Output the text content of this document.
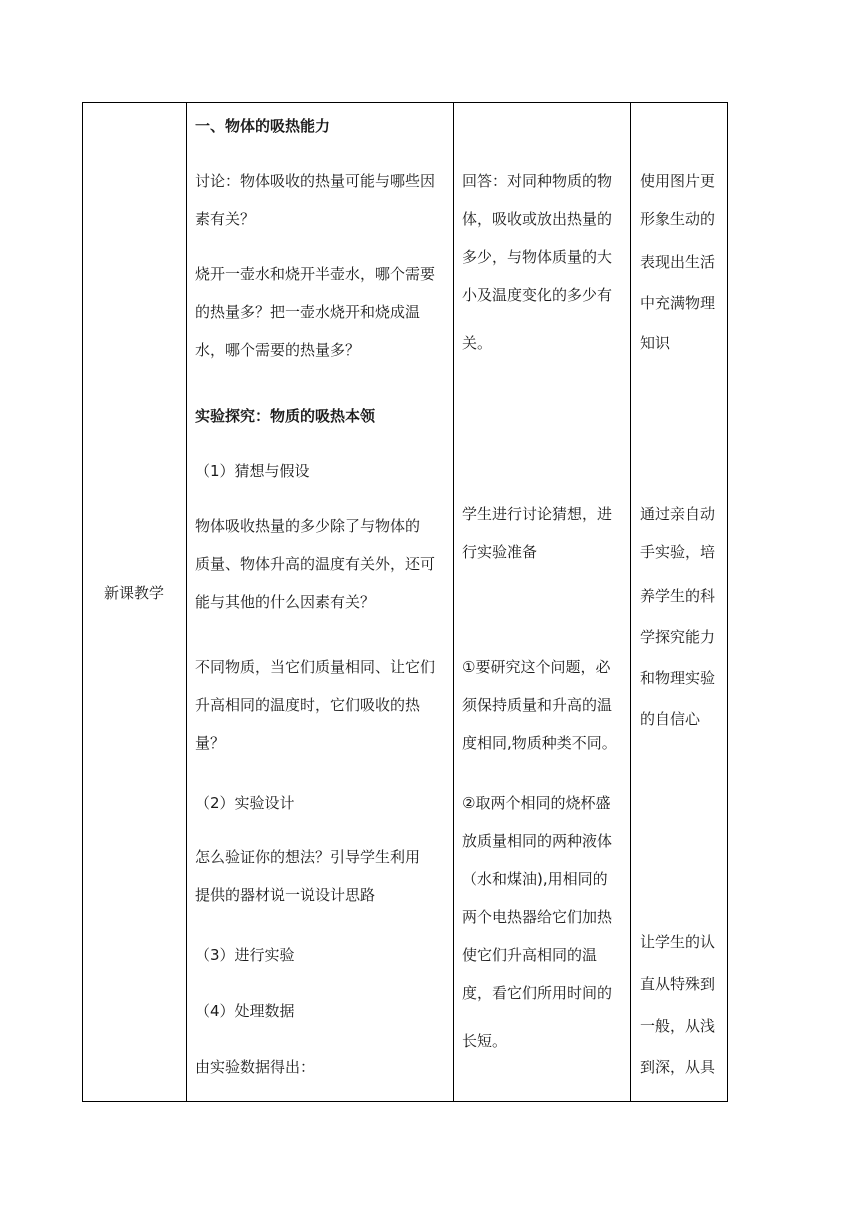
新课教学
一、物体的吸热能力
讨论：物体吸收的热量可能与哪些因
素有关？
烧开一壶水和烧开半壶水，哪个需要
的热量多？把一壶水烧开和烧成温
水，哪个需要的热量多？
实验探究：物质的吸热本领
（1）猜想与假设
物体吸收热量的多少除了与物体的
质量、物体升高的温度有关外，还可
能与其他的什么因素有关？
不同物质，当它们质量相同、让它们
升高相同的温度时，它们吸收的热
量？
（2）实验设计
怎么验证你的想法？引导学生利用
提供的器材说一说设计思路
（3）进行实验
（4）处理数据
由实验数据得出：
回答：对同种物质的物
体，吸收或放出热量的
多少，与物体质量的大
小及温度变化的多少有
关。
学生进行讨论猜想，进
行实验准备
①要研究这个问题，必
须保持质量和升高的温
度相同,物质种类不同。
②取两个相同的烧杯盛
放质量相同的两种液体
（水和煤油),用相同的
两个电热器给它们加热
使它们升高相同的温
度，看它们所用时间的
长短。
使用图片更
形象生动的
表现出生活
中充满物理
知识
通过亲自动
手实验，培
养学生的科
学探究能力
和物理实验
的自信心
让学生的认
直从特殊到
一般，从浅
到深，从具
